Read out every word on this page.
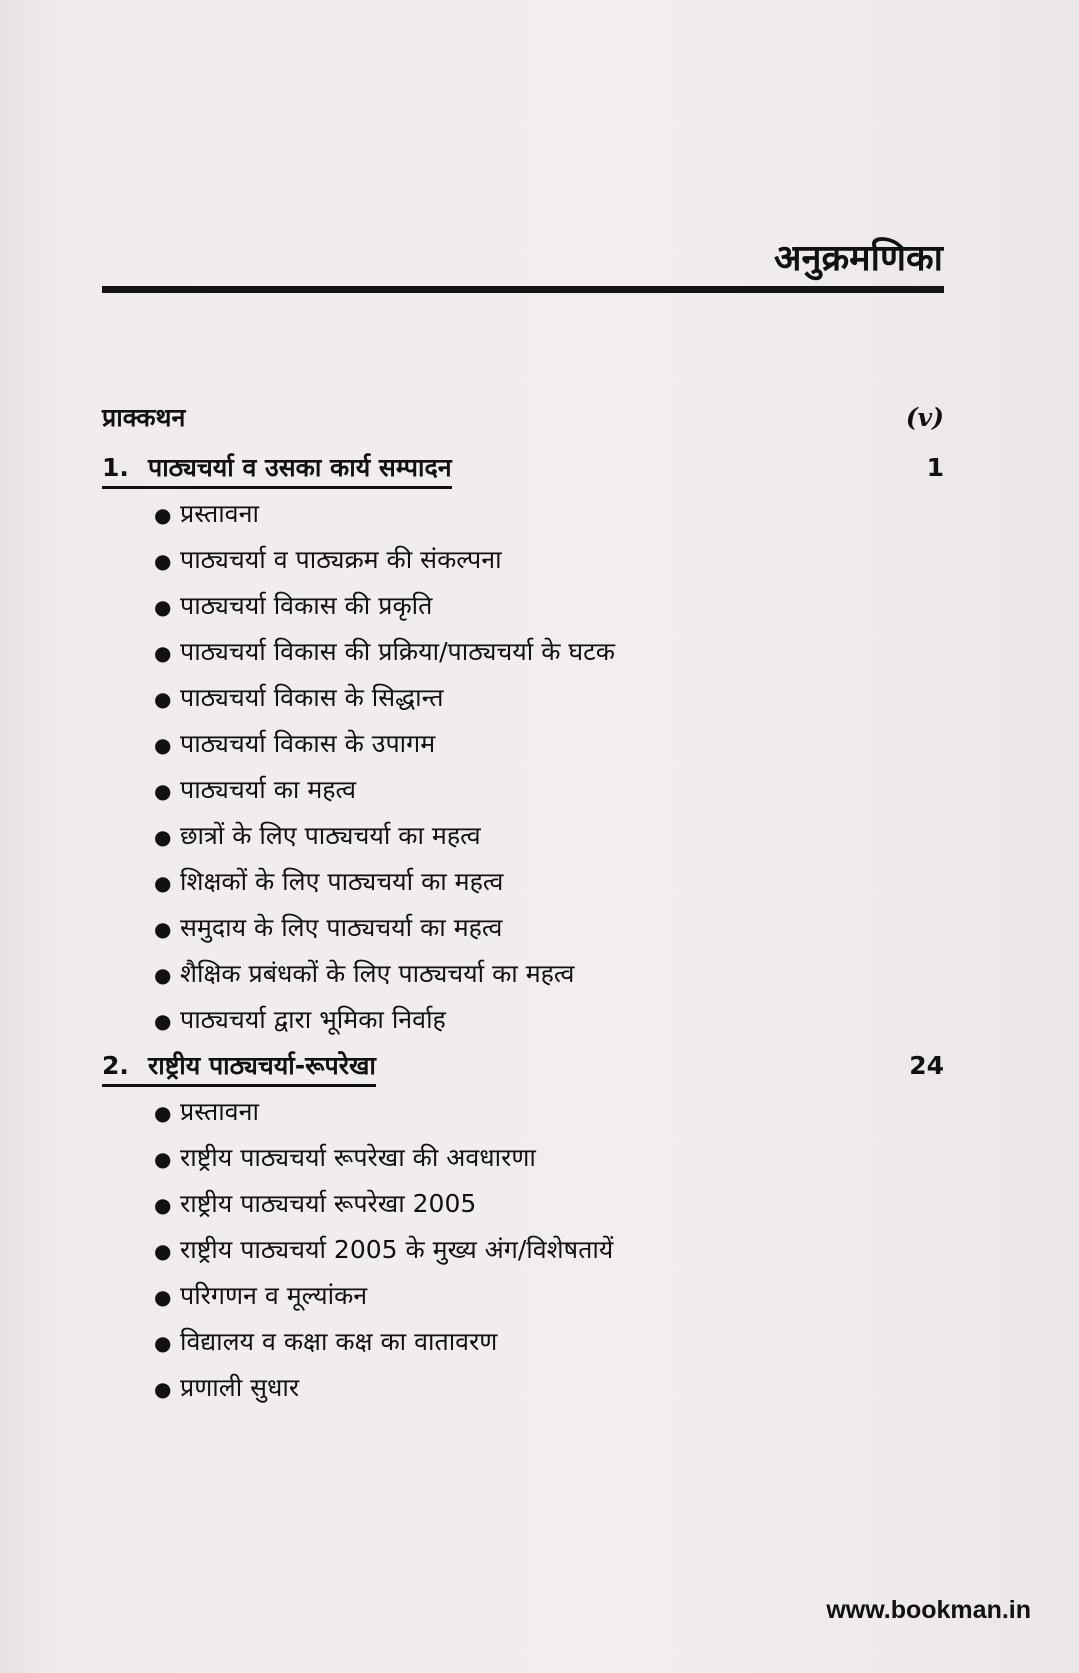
अनुक्रमणिका
प्राक्कथन	(v)
1. पाठ्यचर्या व उसका कार्य सम्पादन	1
● प्रस्तावना
● पाठ्यचर्या व पाठ्यक्रम की संकल्पना
● पाठ्यचर्या विकास की प्रकृति
● पाठ्यचर्या विकास की प्रक्रिया/पाठ्यचर्या के घटक
● पाठ्यचर्या विकास के सिद्धान्त
● पाठ्यचर्या विकास के उपागम
● पाठ्यचर्या का महत्व
● छात्रों के लिए पाठ्यचर्या का महत्व
● शिक्षकों के लिए पाठ्यचर्या का महत्व
● समुदाय के लिए पाठ्यचर्या का महत्व
● शैक्षिक प्रबंधकों के लिए पाठ्यचर्या का महत्व
● पाठ्यचर्या द्वारा भूमिका निर्वाह
2. राष्ट्रीय पाठ्यचर्या-रूपरेखा	24
● प्रस्तावना
● राष्ट्रीय पाठ्यचर्या रूपरेखा की अवधारणा
● राष्ट्रीय पाठ्यचर्या रूपरेखा 2005
● राष्ट्रीय पाठ्यचर्या 2005 के मुख्य अंग/विशेषतायें
● परिगणन व मूल्यांकन
● विद्यालय व कक्षा कक्ष का वातावरण
● प्रणाली सुधार
www.bookman.in
